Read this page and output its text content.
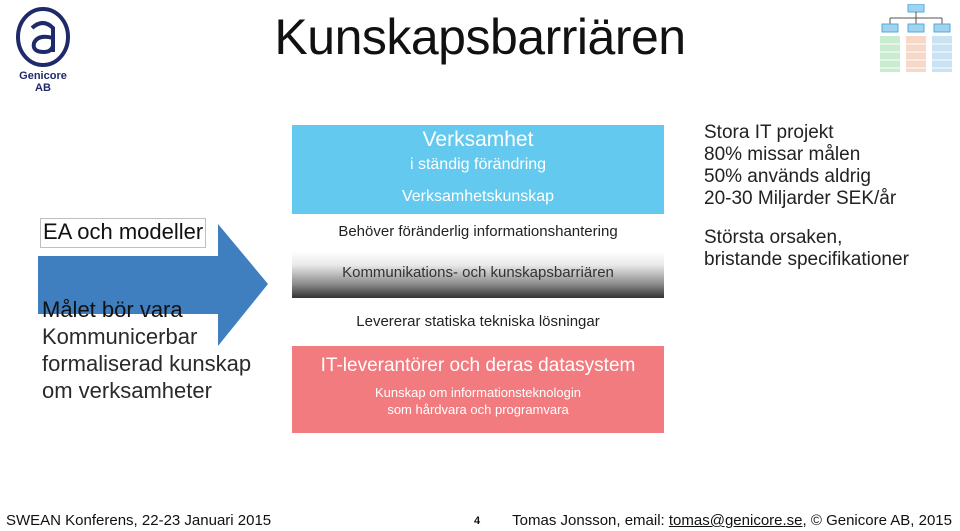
Genicore AB
Kunskapsbarriären
EA och modeller
Målet bör vara
Kommunicerbar
formaliserad kunskap
om verksamheter
Verksamhet
i ständig förändring
Verksamhetskunskap
Behöver föränderlig informationshantering
Kommunikations- och kunskapsbarriären
Levererar statiska tekniska lösningar
IT-leverantörer och deras datasystem
Kunskap om informationsteknologin
som hårdvara och programvara
Stora IT projekt
80% missar målen
50% används aldrig
20-30 Miljarder SEK/år
Största orsaken,
bristande specifikationer
SWEAN Konferens, 22-23 Januari 2015	4 Tomas Jonsson, email: tomas@genicore.se, © Genicore AB, 2015
